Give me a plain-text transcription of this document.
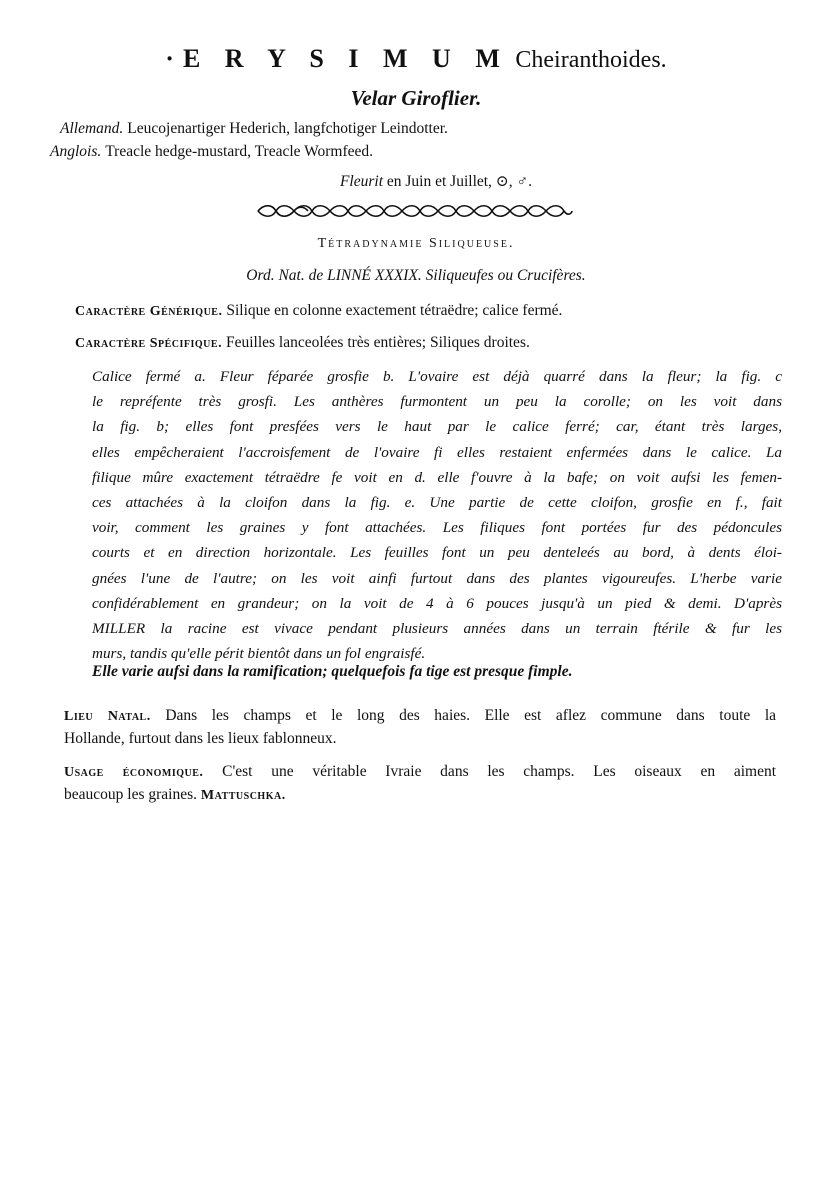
·E R Y S I M U M Cheiranthoides.
Velar Giroflier.
Allemand. Leucojenartiger Hederich, langfchotiger Leindotter.
Anglois. Treacle hedge-mustard, Treacle Wormfeed.
Fleurit en Juin et Juillet, ⊙, ♂.
Tétradynamie Siliqueuse.
Ord. Nat. de LINNÉ XXXIX. Siliqueufes ou Crucifères.
Caractère Générique. Silique en colonne exactement tétraëdre; calice fermé.
Caractère Spécifique. Feuilles lanceolées très entières; Siliques droites.
Calice fermé a. Fleur féparée grosfie b. L'ovaire est déjà quarré dans la fleur; la fig. c
le repréfente très grosfi. Les anthères furmontent un peu la corolle; on les voit dans
la fig. b; elles font presfées vers le haut par le calice ferré; car, étant très larges,
elles empêcheraient l'accroisfement de l'ovaire fi elles restaient enfermées dans le calice. La
filique mûre exactement tétraëdre fe voit en d. elle f'ouvre à la bafe; on voit aufsi les femen-
ces attachées à la cloifon dans la fig. e. Une partie de cette cloifon, grosfie en f., fait
voir, comment les graines y font attachées. Les filiques font portées fur des pédoncules
courts et en direction horizontale. Les feuilles font un peu denteleés au bord, à dents éloi-
gnées l'une de l'autre; on les voit ainfi furtout dans des plantes vigoureufes. L'herbe varie
confidérablement en grandeur; on la voit de 4 à 6 pouces jusqu'à un pied & demi. D'après
MILLER la racine est vivace pendant plusieurs années dans un terrain ftérile & fur les
murs, tandis qu'elle périt bientôt dans un fol engraisfé.
Elle varie aufsi dans la ramification; quelquefois fa tige est presque fimple.
Lieu Natal. Dans les champs et le long des haies. Elle est aflez commune dans toute la
Hollande, furtout dans les lieux fablonneux.
Usage économique. C'est une véritable Ivraie dans les champs. Les oiseaux en aiment
beaucoup les graines. Mattuschka.
